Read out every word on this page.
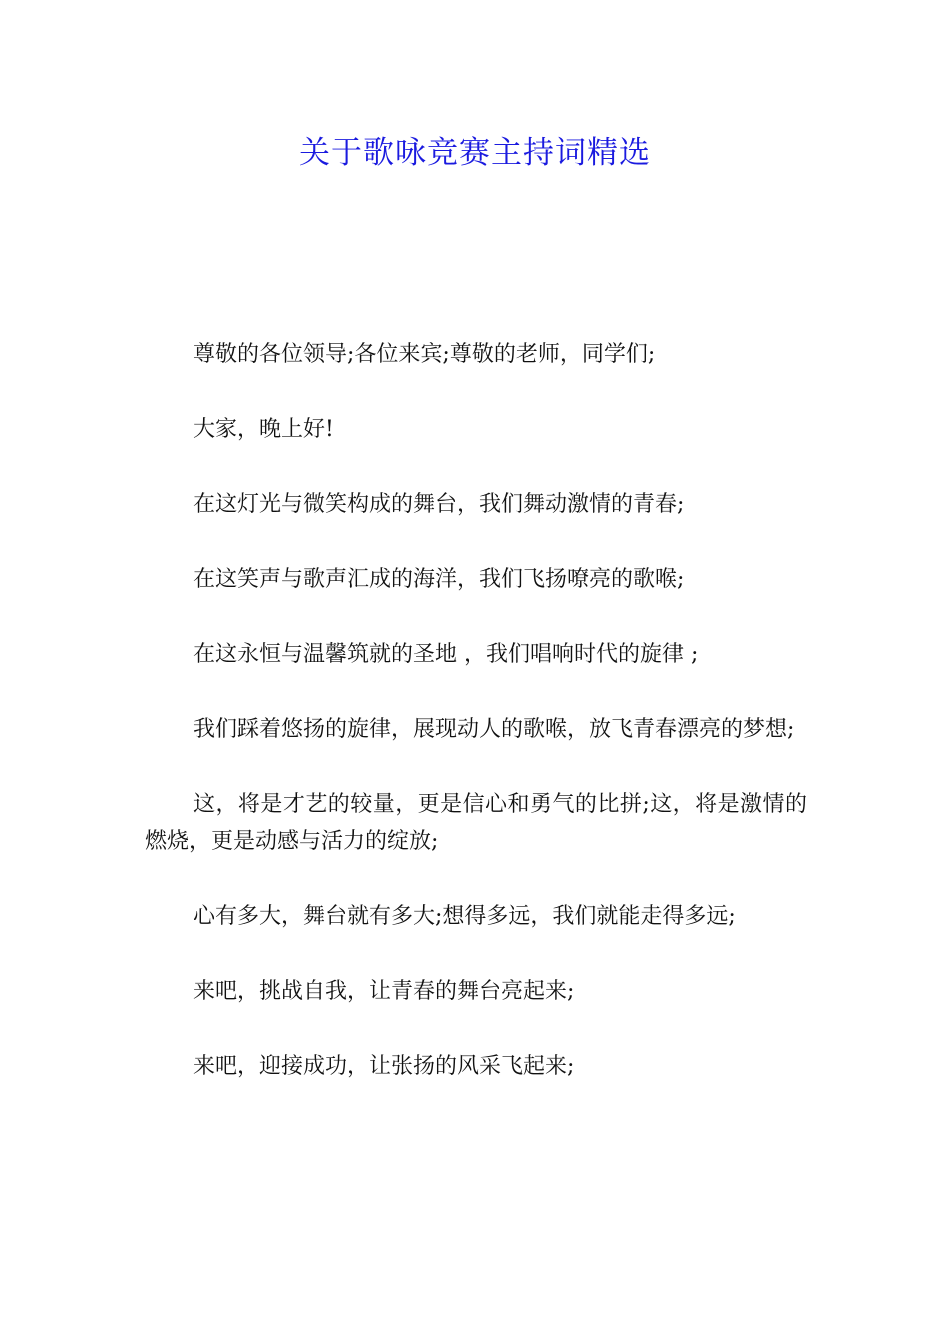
关于歌咏竞赛主持词精选

尊敬的各位领导;各位来宾;尊敬的老师，同学们;

大家，晚上好!

在这灯光与微笑构成的舞台，我们舞动激情的青春;

在这笑声与歌声汇成的海洋，我们飞扬嘹亮的歌喉;

在这永恒与温馨筑就的圣地 ，我们唱响时代的旋律 ;

我们踩着悠扬的旋律，展现动人的歌喉，放飞青春漂亮的梦想;

这，将是才艺的较量，更是信心和勇气的比拼;这，将是激情的燃烧，更是动感与活力的绽放;

心有多大，舞台就有多大;想得多远，我们就能走得多远;

来吧，挑战自我，让青春的舞台亮起来;

来吧，迎接成功，让张扬的风采飞起来;
